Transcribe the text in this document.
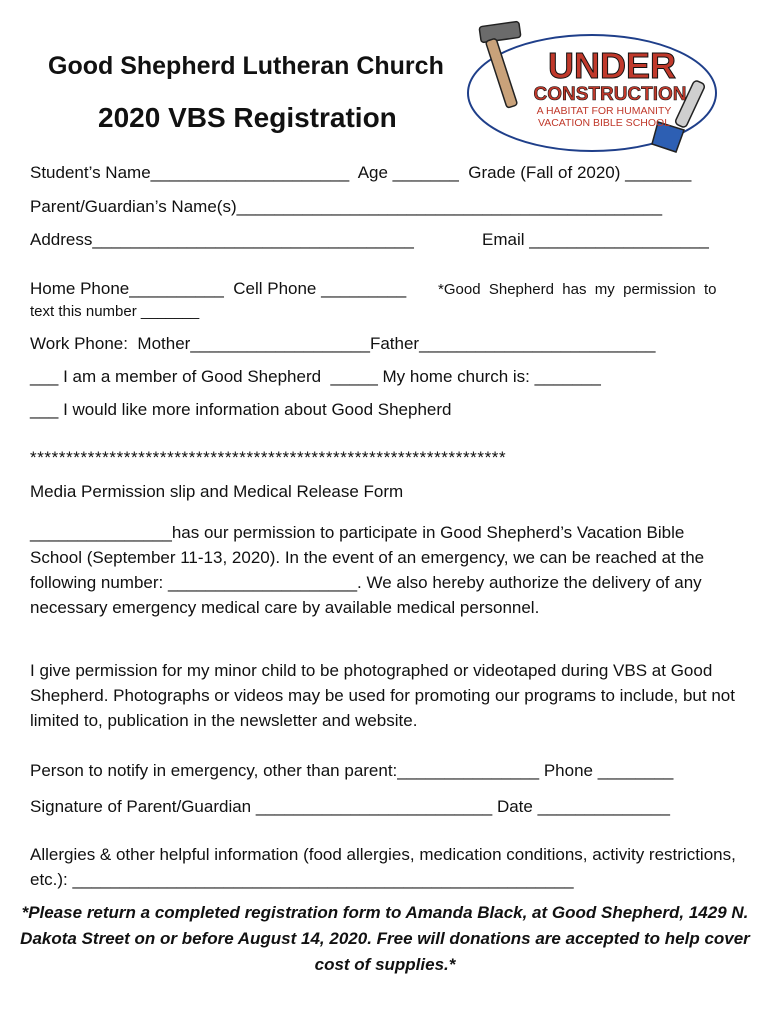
Good Shepherd Lutheran Church
2020 VBS Registration
UNDER
CONSTRUCTION
A HABITAT FOR HUMANITY
VACATION BIBLE SCHOOL
Student’s Name_____________________  Age _______  Grade (Fall of 2020) _______
Parent/Guardian’s Name(s)_____________________________________________
Address__________________________________	Email ___________________
Home Phone__________  Cell Phone _________ *Good  Shepherd  has  my  permission  to
text this number _______
Work Phone:  Mother___________________Father_________________________
___ I am a member of Good Shepherd  _____ My home church is: _______
___ I would like more information about Good Shepherd
******************************************************************
Media Permission slip and Medical Release Form
_______________has our permission to participate in Good Shepherd’s Vacation Bible School (September 11-13, 2020). In the event of an emergency, we can be reached at the following number: ____________________. We also hereby authorize the delivery of any necessary emergency medical care by available medical personnel.
I give permission for my minor child to be photographed or videotaped during VBS at Good Shepherd. Photographs or videos may be used for promoting our programs to include, but not limited to, publication in the newsletter and website.
Person to notify in emergency, other than parent:_______________ Phone ________
Signature of Parent/Guardian _________________________ Date ______________
Allergies & other helpful information (food allergies, medication conditions, activity restrictions, etc.): _____________________________________________________
*Please return a completed registration form to Amanda Black, at Good Shepherd, 1429 N. Dakota Street on or before August 14, 2020. Free will donations are accepted to help cover cost of supplies.*
